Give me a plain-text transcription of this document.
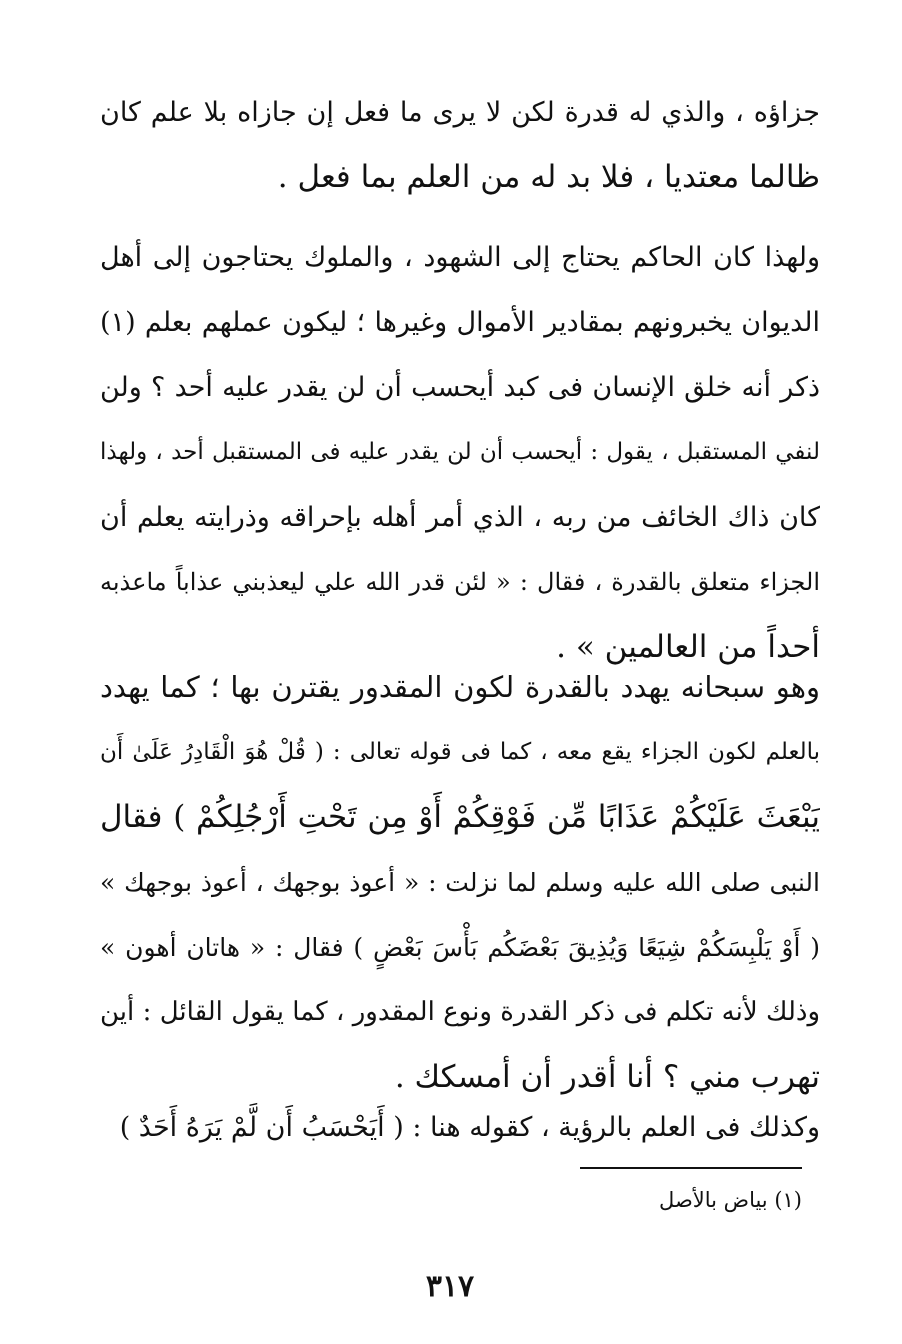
جزاؤه ، والذي له قدرة لكن لا يرى ما فعل إن جازاه بلا علم كان
ظالما معتديا ، فلا بد له من العلم بما فعل .
ولهذا كان الحاكم يحتاج إلى الشهود ، والملوك يحتاجون إلى أهل
الديوان يخبرونهم بمقادير الأموال وغيرها ؛ ليكون عملهم بعلم (١)
ذكر أنه خلق الإنسان فى كبد أيحسب أن لن يقدر عليه أحد ؟ ولن
لنفي المستقبل ، يقول : أيحسب أن لن يقدر عليه فى المستقبل أحد ، ولهذا
كان ذاك الخائف من ربه ، الذي أمر أهله بإحراقه وذرايته يعلم أن
الجزاء متعلق بالقدرة ، فقال : « لئن قدر الله علي ليعذبني عذاباً ماعذبه
أحداً من العالمين » .
وهو سبحانه يهدد بالقدرة لكون المقدور يقترن بها ؛ كما يهدد
بالعلم لكون الجزاء يقع معه ، كما فى قوله تعالى : ( قُلْ هُوَ الْقَادِرُ عَلَىٰ أَن
يَبْعَثَ عَلَيْكُمْ عَذَابًا مِّن فَوْقِكُمْ أَوْ مِن تَحْتِ أَرْجُلِكُمْ ) فقال
النبى صلى الله عليه وسلم لما نزلت : « أعوذ بوجهك ، أعوذ بوجهك »
( أَوْ يَلْبِسَكُمْ شِيَعًا وَيُذِيقَ بَعْضَكُم بَأْسَ بَعْضٍ ) فقال : « هاتان أهون »
وذلك لأنه تكلم فى ذكر القدرة ونوع المقدور ، كما يقول القائل : أين
تهرب مني ؟ أنا أقدر أن أمسكك .
وكذلك فى العلم بالرؤية ، كقوله هنا : ( أَيَحْسَبُ أَن لَّمْ يَرَهُ أَحَدٌ )
(١) بياض بالأصل
٣١٧
